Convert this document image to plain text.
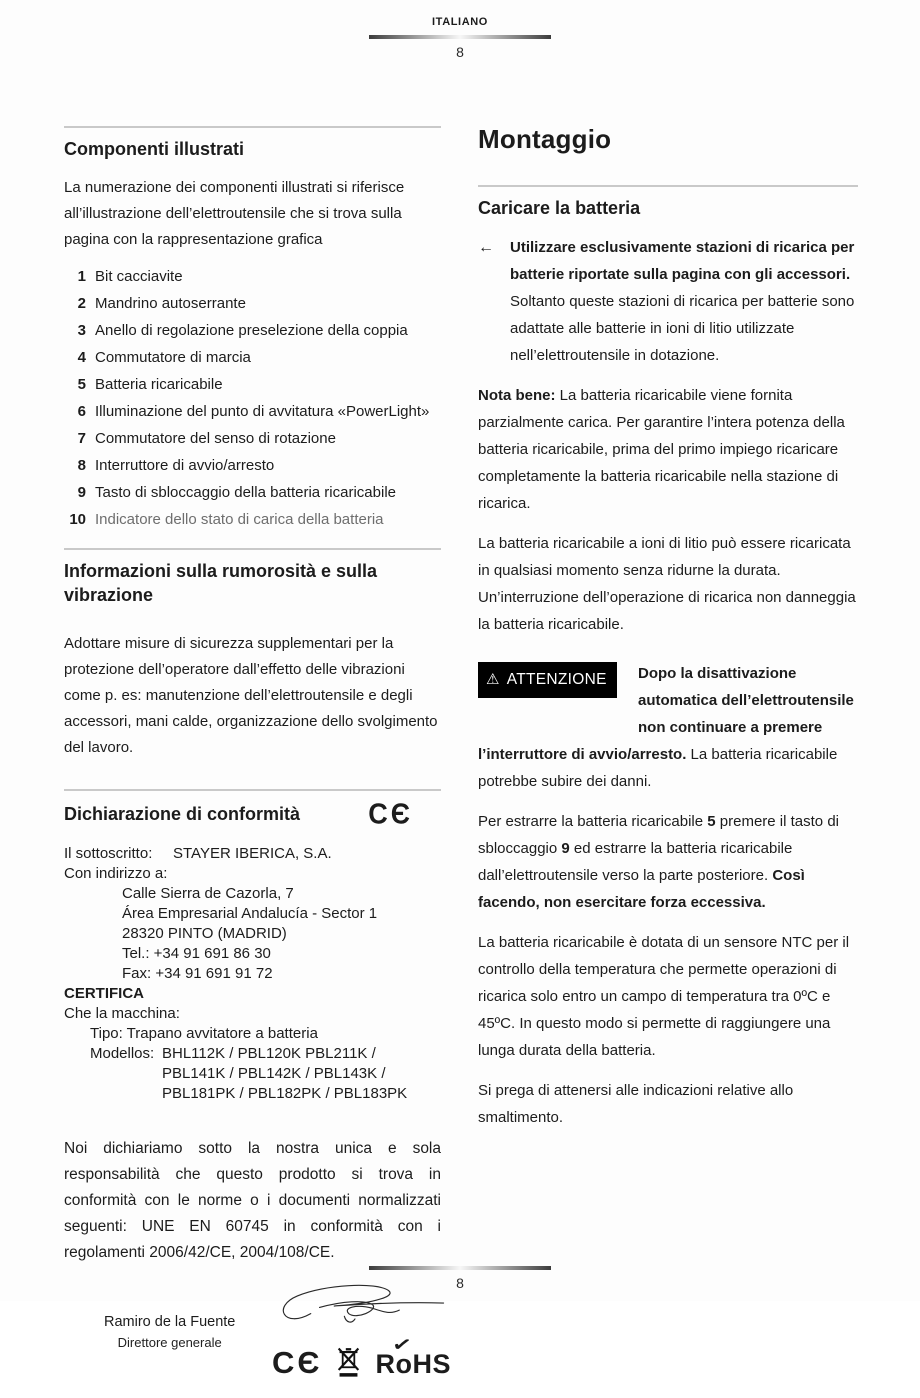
ITALIANO
8
Componenti illustrati

La numerazione dei componenti illustrati si riferisce all’illustrazione dell’elettroutensile che si trova sulla pagina con la rappresentazione grafica

1 Bit cacciavite
2 Mandrino autoserrante
3 Anello di regolazione preselezione della coppia
4 Commutatore di marcia
5 Batteria ricaricabile
6 Illuminazione del punto di avvitatura «PowerLight»
7 Commutatore del senso di rotazione
8 Interruttore di avvio/arresto
9 Tasto di sbloccaggio della batteria ricaricabile
10 Indicatore dello stato di carica della batteria
Informazioni sulla rumorosità e sulla vibrazione

Adottare misure di sicurezza supplementari per la protezione dell’operatore dall’effetto delle vibrazioni come p. es: manutenzione dell’elettroutensile e degli accessori, mani calde, organizzazione dello svolgimento del lavoro.

Dichiarazione di conformità	CЄ
Il sottoscritto:	STAYER IBERICA, S.A.
Con indirizzo a:
Calle Sierra de Cazorla, 7
Área Empresarial Andalucía - Sector 1
28320 PINTO (MADRID)
Tel.: +34 91 691 86 30
Fax: +34 91 691 91 72
CERTIFICA
Che la macchina:
Tipo: Trapano avvitatore a batteria
Modellos: BHL112K / PBL120K PBL211K /
PBL141K / PBL142K / PBL143K /
PBL181PK / PBL182PK / PBL183PK

Noi dichiariamo sotto la nostra unica e sola responsabilità che questo prodotto si trova in conformità con le norme o i documenti normalizzati seguenti: UNE EN 60745 in conformità con i regolamenti 2006/42/CE, 2004/108/CE.

Ramiro de la Fuente
Direttore generale
CЄ RoHS
✓
Montaggio
Caricare la batteria
←	Utilizzare esclusivamente stazioni di ricarica per batterie riportate sulla pagina con gli accessori. Soltanto queste stazioni di ricarica per batterie sono adattate alle batterie in ioni di litio utilizzate nell’elettroutensile in dotazione.

Nota bene: La batteria ricaricabile viene fornita parzialmente carica. Per garantire l’intera potenza della batteria ricaricabile, prima del primo impiego ricaricare completamente la batteria ricaricabile nella stazione di ricarica.

La batteria ricaricabile a ioni di litio può essere ricaricata in qualsiasi momento senza ridurne la durata. Un’interruzione dell’operazione di ricarica non danneggia la batteria ricaricabile.

⚠ ATTENZIONE Dopo la disattivazione automatica dell’elettroutensile non continuare a premere l’interruttore di avvio/arresto. La batteria ricaricabile potrebbe subire dei danni.

Per estrarre la batteria ricaricabile 5 premere il tasto di sbloccaggio 9 ed estrarre la batteria ricaricabile dall’elettroutensile verso la parte posteriore. Così facendo, non esercitare forza eccessiva.

La batteria ricaricabile è dotata di un sensore NTC per il controllo della temperatura che permette operazioni di ricarica solo entro un campo di temperatura tra 0ºC e 45ºC. In questo modo si permette di raggiungere una lunga durata della batteria.

Si prega di attenersi alle indicazioni relative allo smaltimento.

8
